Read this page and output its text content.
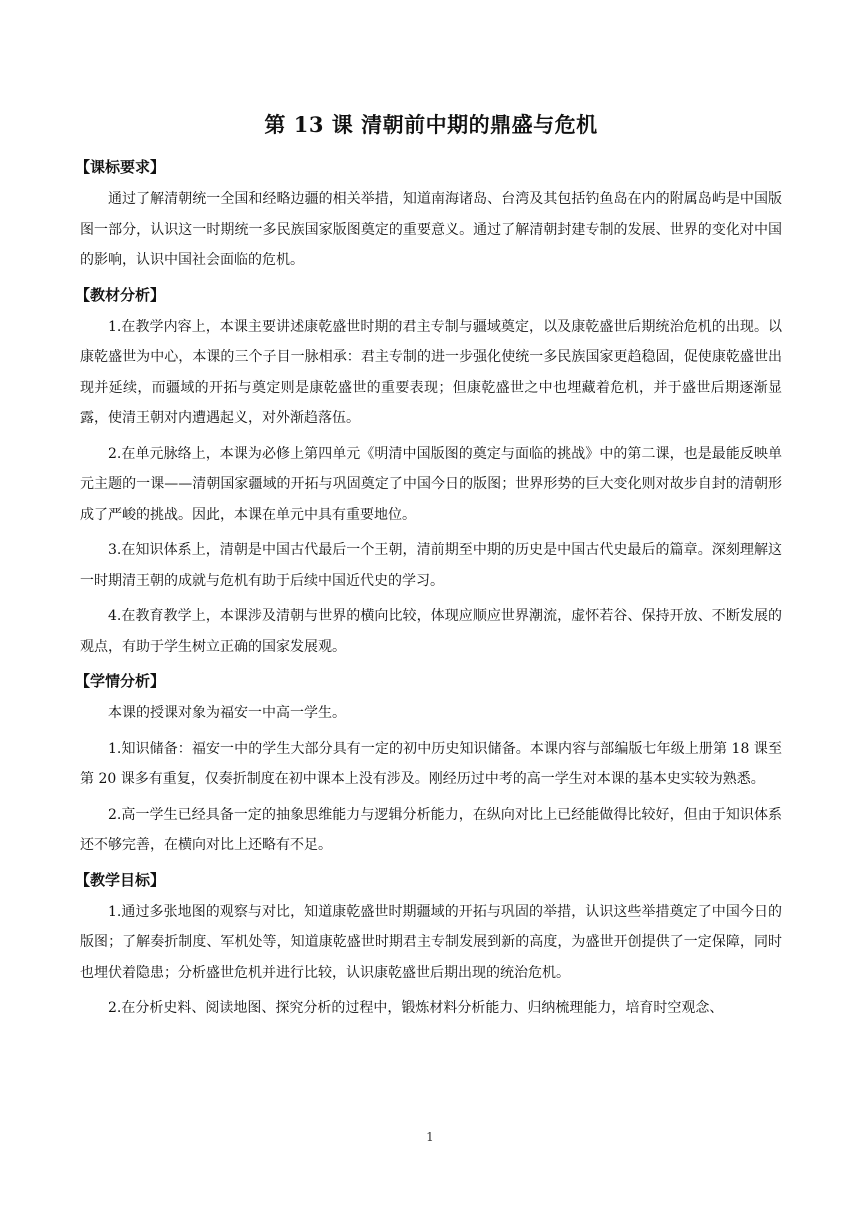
第 13 课 清朝前中期的鼎盛与危机
【课标要求】

通过了解清朝统一全国和经略边疆的相关举措，知道南海诸岛、台湾及其包括钓鱼岛在内的附属岛屿是中国版图一部分，认识这一时期统一多民族国家版图奠定的重要意义。通过了解清朝封建专制的发展、世界的变化对中国的影响，认识中国社会面临的危机。

【教材分析】

1.在教学内容上，本课主要讲述康乾盛世时期的君主专制与疆域奠定，以及康乾盛世后期统治危机的出现。以康乾盛世为中心，本课的三个子目一脉相承：君主专制的进一步强化使统一多民族国家更趋稳固，促使康乾盛世出现并延续，而疆域的开拓与奠定则是康乾盛世的重要表现；但康乾盛世之中也埋藏着危机，并于盛世后期逐渐显露，使清王朝对内遭遇起义，对外渐趋落伍。

2.在单元脉络上，本课为必修上第四单元《明清中国版图的奠定与面临的挑战》中的第二课，也是最能反映单元主题的一课——清朝国家疆域的开拓与巩固奠定了中国今日的版图；世界形势的巨大变化则对故步自封的清朝形成了严峻的挑战。因此，本课在单元中具有重要地位。

3.在知识体系上，清朝是中国古代最后一个王朝，清前期至中期的历史是中国古代史最后的篇章。深刻理解这一时期清王朝的成就与危机有助于后续中国近代史的学习。

4.在教育教学上，本课涉及清朝与世界的横向比较，体现应顺应世界潮流，虚怀若谷、保持开放、不断发展的观点，有助于学生树立正确的国家发展观。

【学情分析】

本课的授课对象为福安一中高一学生。

1.知识储备：福安一中的学生大部分具有一定的初中历史知识储备。本课内容与部编版七年级上册第 18 课至第 20 课多有重复，仅奏折制度在初中课本上没有涉及。刚经历过中考的高一学生对本课的基本史实较为熟悉。

2.高一学生已经具备一定的抽象思维能力与逻辑分析能力，在纵向对比上已经能做得比较好，但由于知识体系还不够完善，在横向对比上还略有不足。

【教学目标】

1.通过多张地图的观察与对比，知道康乾盛世时期疆域的开拓与巩固的举措，认识这些举措奠定了中国今日的版图；了解奏折制度、军机处等，知道康乾盛世时期君主专制发展到新的高度，为盛世开创提供了一定保障，同时也埋伏着隐患；分析盛世危机并进行比较，认识康乾盛世后期出现的统治危机。

2.在分析史料、阅读地图、探究分析的过程中，锻炼材料分析能力、归纳梳理能力，培育时空观念、

1
